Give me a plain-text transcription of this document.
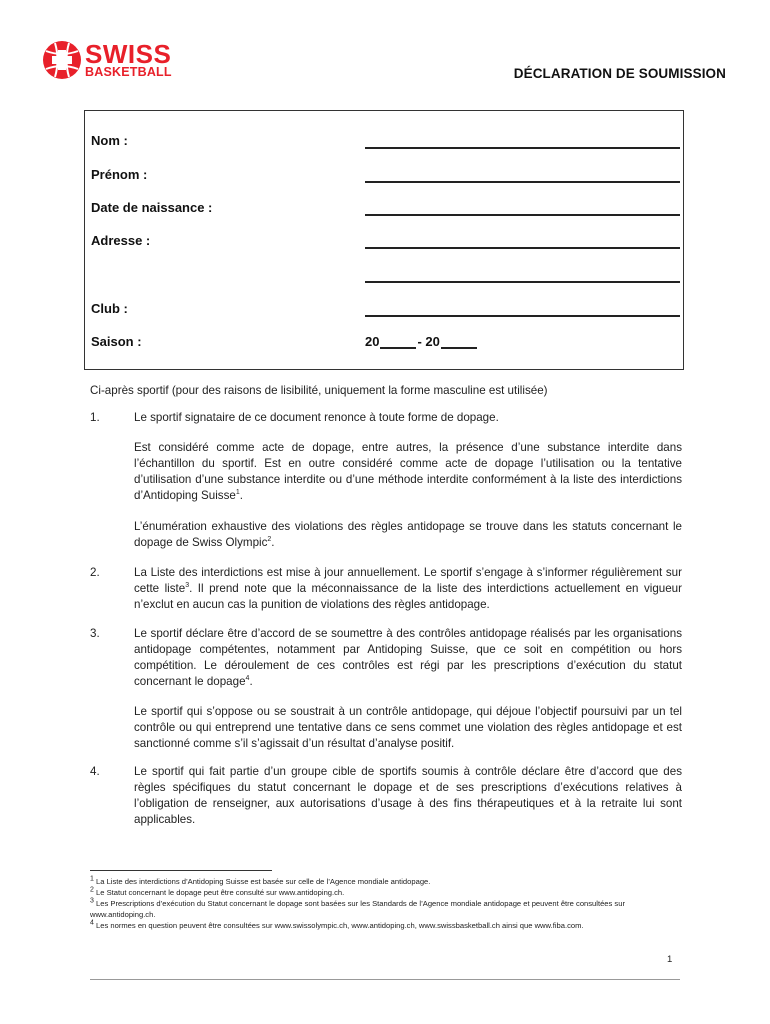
SWISS
BASKETBALL	DÉCLARATION DE SOUMISSION
Nom :
Prénom :
Date de naissance :
Adresse :
Club :
Saison :	20	- 20
Ci-après sportif (pour des raisons de lisibilité, uniquement la forme masculine est utilisée)
1.	Le sportif signataire de ce document renonce à toute forme de dopage.

Est considéré comme acte de dopage, entre autres, la présence d’une substance interdite dans l’échantillon du sportif. Est en outre considéré comme acte de dopage l’utilisation ou la tentative d’utilisation d’une substance interdite ou d’une méthode interdite conformément à la liste des interdictions d’Antidoping Suisse$^1$.

L’énumération exhaustive des violations des règles antidopage se trouve dans les statuts concernant le dopage de Swiss Olympic$^2$.

2.	La Liste des interdictions est mise à jour annuellement. Le sportif s’engage à s’informer régulièrement sur cette liste$^3$. Il prend note que la méconnaissance de la liste des interdictions actuellement en vigueur n’exclut en aucun cas la punition de violations des règles antidopage.

3.	Le sportif déclare être d’accord de se soumettre à des contrôles antidopage réalisés par les organisations antidopage compétentes, notamment par Antidoping Suisse, que ce soit en compétition ou hors compétition. Le déroulement de ces contrôles est régi par les prescriptions d’exécution du statut concernant le dopage$^4$.

Le sportif qui s’oppose ou se soustrait à un contrôle antidopage, qui déjoue l’objectif poursuivi par un tel contrôle ou qui entreprend une tentative dans ce sens commet une violation des règles antidopage et est sanctionné comme s’il s’agissait d’un résultat d’analyse positif.

4.	Le sportif qui fait partie d’un groupe cible de sportifs soumis à contrôle déclare être d’accord que des règles spécifiques du statut concernant le dopage et de ses prescriptions d’exécutions relatives à l’obligation de renseigner, aux autorisations d’usage à des fins thérapeutiques et à la retraite lui sont applicables.

$^1$ La Liste des interdictions d’Antidoping Suisse est basée sur celle de l’Agence mondiale antidopage.
$^2$ Le Statut concernant le dopage peut être consulté sur www.antidoping.ch.
$^3$ Les Prescriptions d’exécution du Statut concernant le dopage sont basées sur les Standards de l’Agence mondiale antidopage et peuvent être consultées sur www.antidoping.ch.
$^4$ Les normes en question peuvent être consultées sur www.swissolympic.ch, www.antidoping.ch, www.swissbasketball.ch ainsi que www.fiba.com.
1
